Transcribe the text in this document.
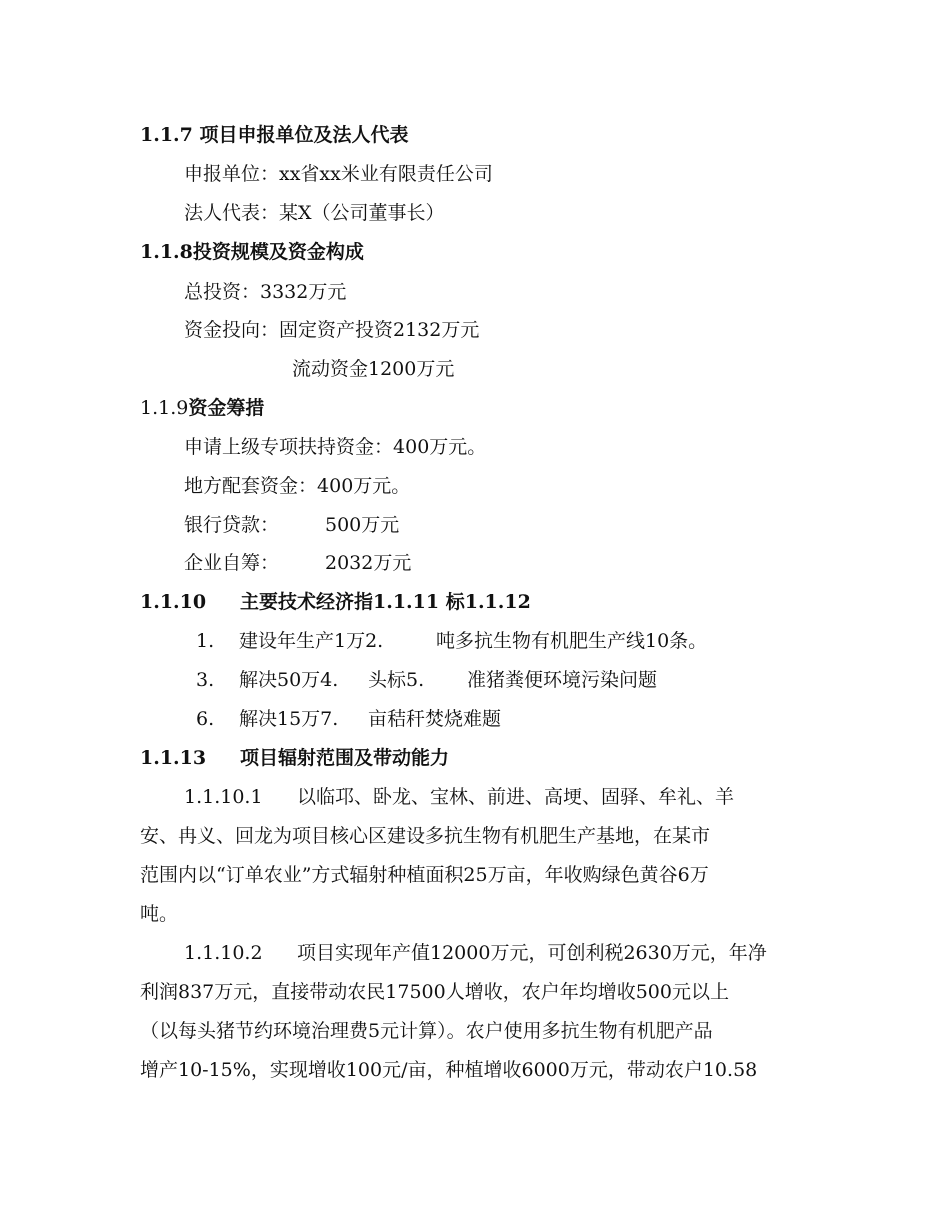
1.1.7 项目申报单位及法人代表
申报单位：xx省xx米业有限责任公司
法人代表：某X（公司董事长）
1.1.8投资规模及资金构成
总投资：3332万元
资金投向：固定资产投资2132万元
流动资金1200万元
1.1.9资金筹措
申请上级专项扶持资金：400万元。
地方配套资金：400万元。
银行贷款： 500万元
企业自筹： 2032万元
1.1.10 主要技术经济指1.1.11 标1.1.12
1. 建设年生产1万2.	吨多抗生物有机肥生产线10条。
3. 解决50万4. 头标5. 准猪粪便环境污染问题
6. 解决15万7. 亩秸秆焚烧难题
1.1.13 项目辐射范围及带动能力
1.1.10.1 以临邛、卧龙、宝林、前进、高埂、固驿、牟礼、羊
安、冉义、回龙为项目核心区建设多抗生物有机肥生产基地，在某市
范围内以“订单农业”方式辐射种植面积25万亩，年收购绿色黄谷6万
吨。
1.1.10.2 项目实现年产值12000万元，可创利税2630万元，年净
利润837万元，直接带动农民17500人增收，农户年均增收500元以上
（以每头猪节约环境治理费5元计算）。农户使用多抗生物有机肥产品
增产10-15%，实现增收100元/亩，种植增收6000万元，带动农户10.58
